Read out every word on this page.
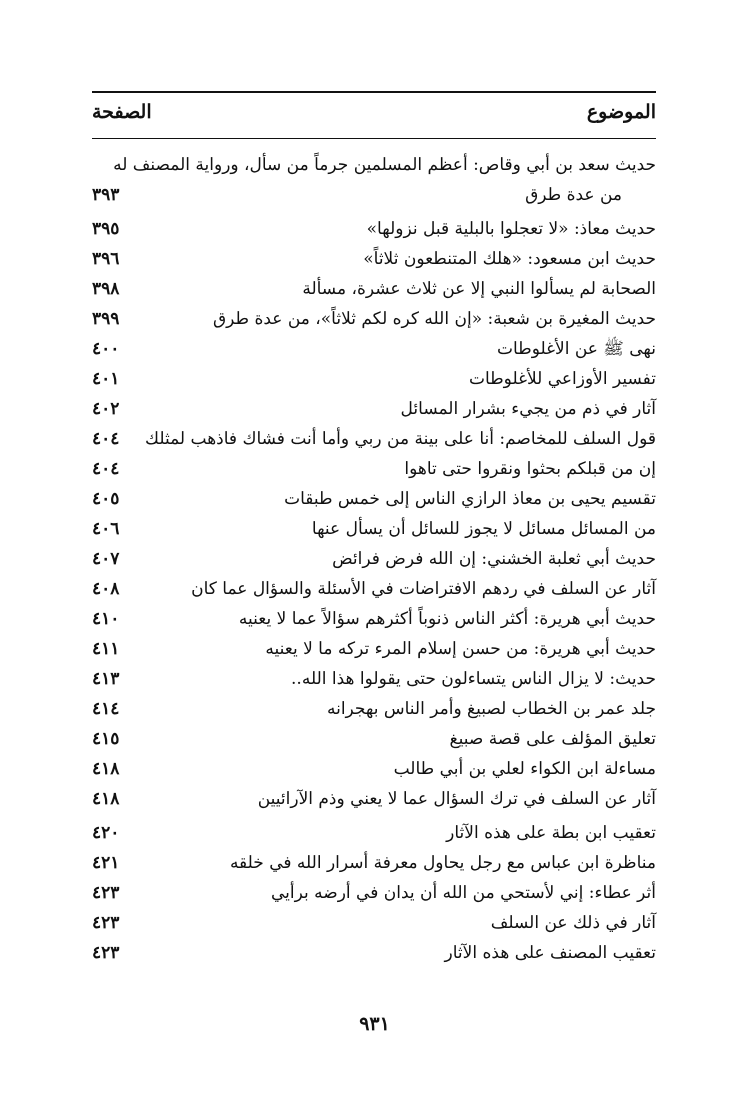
الموضوع
الصفحة
حديث سعد بن أبي وقاص: أعظم المسلمين جرماً من سأل، ورواية المصنف له
من عدة طرق
٣٩٣
حديث معاذ: «لا تعجلوا بالبلية قبل نزولها»
٣٩٥
حديث ابن مسعود: «هلك المتنطعون ثلاثاً»
٣٩٦
الصحابة لم يسألوا النبي إلا عن ثلاث عشرة، مسألة
٣٩٨
حديث المغيرة بن شعبة: «إن الله كره لكم ثلاثاً»، من عدة طرق
٣٩٩
نهى ﷺ عن الأغلوطات
٤٠٠
تفسير الأوزاعي للأغلوطات
٤٠١
آثار في ذم من يجيء بشرار المسائل
٤٠٢
قول السلف للمخاصم: أنا على بينة من ربي وأما أنت فشاك فاذهب لمثلك
٤٠٤
إن من قبلكم بحثوا ونقروا حتى تاهوا
٤٠٤
تقسيم يحيى بن معاذ الرازي الناس إلى خمس طبقات
٤٠٥
من المسائل مسائل لا يجوز للسائل أن يسأل عنها
٤٠٦
حديث أبي ثعلبة الخشني: إن الله فرض فرائض
٤٠٧
آثار عن السلف في ردهم الافتراضات في الأسئلة والسؤال عما كان
٤٠٨
حديث أبي هريرة: أكثر الناس ذنوباً أكثرهم سؤالاً عما لا يعنيه
٤١٠
حديث أبي هريرة: من حسن إسلام المرء تركه ما لا يعنيه
٤١١
حديث: لا يزال الناس يتساءلون حتى يقولوا هذا الله..
٤١٣
جلد عمر بن الخطاب لصبيغ وأمر الناس بهجرانه
٤١٤
تعليق المؤلف على قصة صبيغ
٤١٥
مساءلة ابن الكواء لعلي بن أبي طالب
٤١٨
آثار عن السلف في ترك السؤال عما لا يعني وذم الآرائيين
٤١٨
تعقيب ابن بطة على هذه الآثار
٤٢٠
مناظرة ابن عباس مع رجل يحاول معرفة أسرار الله في خلقه
٤٢١
أثر عطاء: إني لأستحي من الله أن يدان في أرضه برأيي
٤٢٣
آثار في ذلك عن السلف
٤٢٣
تعقيب المصنف على هذه الآثار
٤٢٣
٩٣١
